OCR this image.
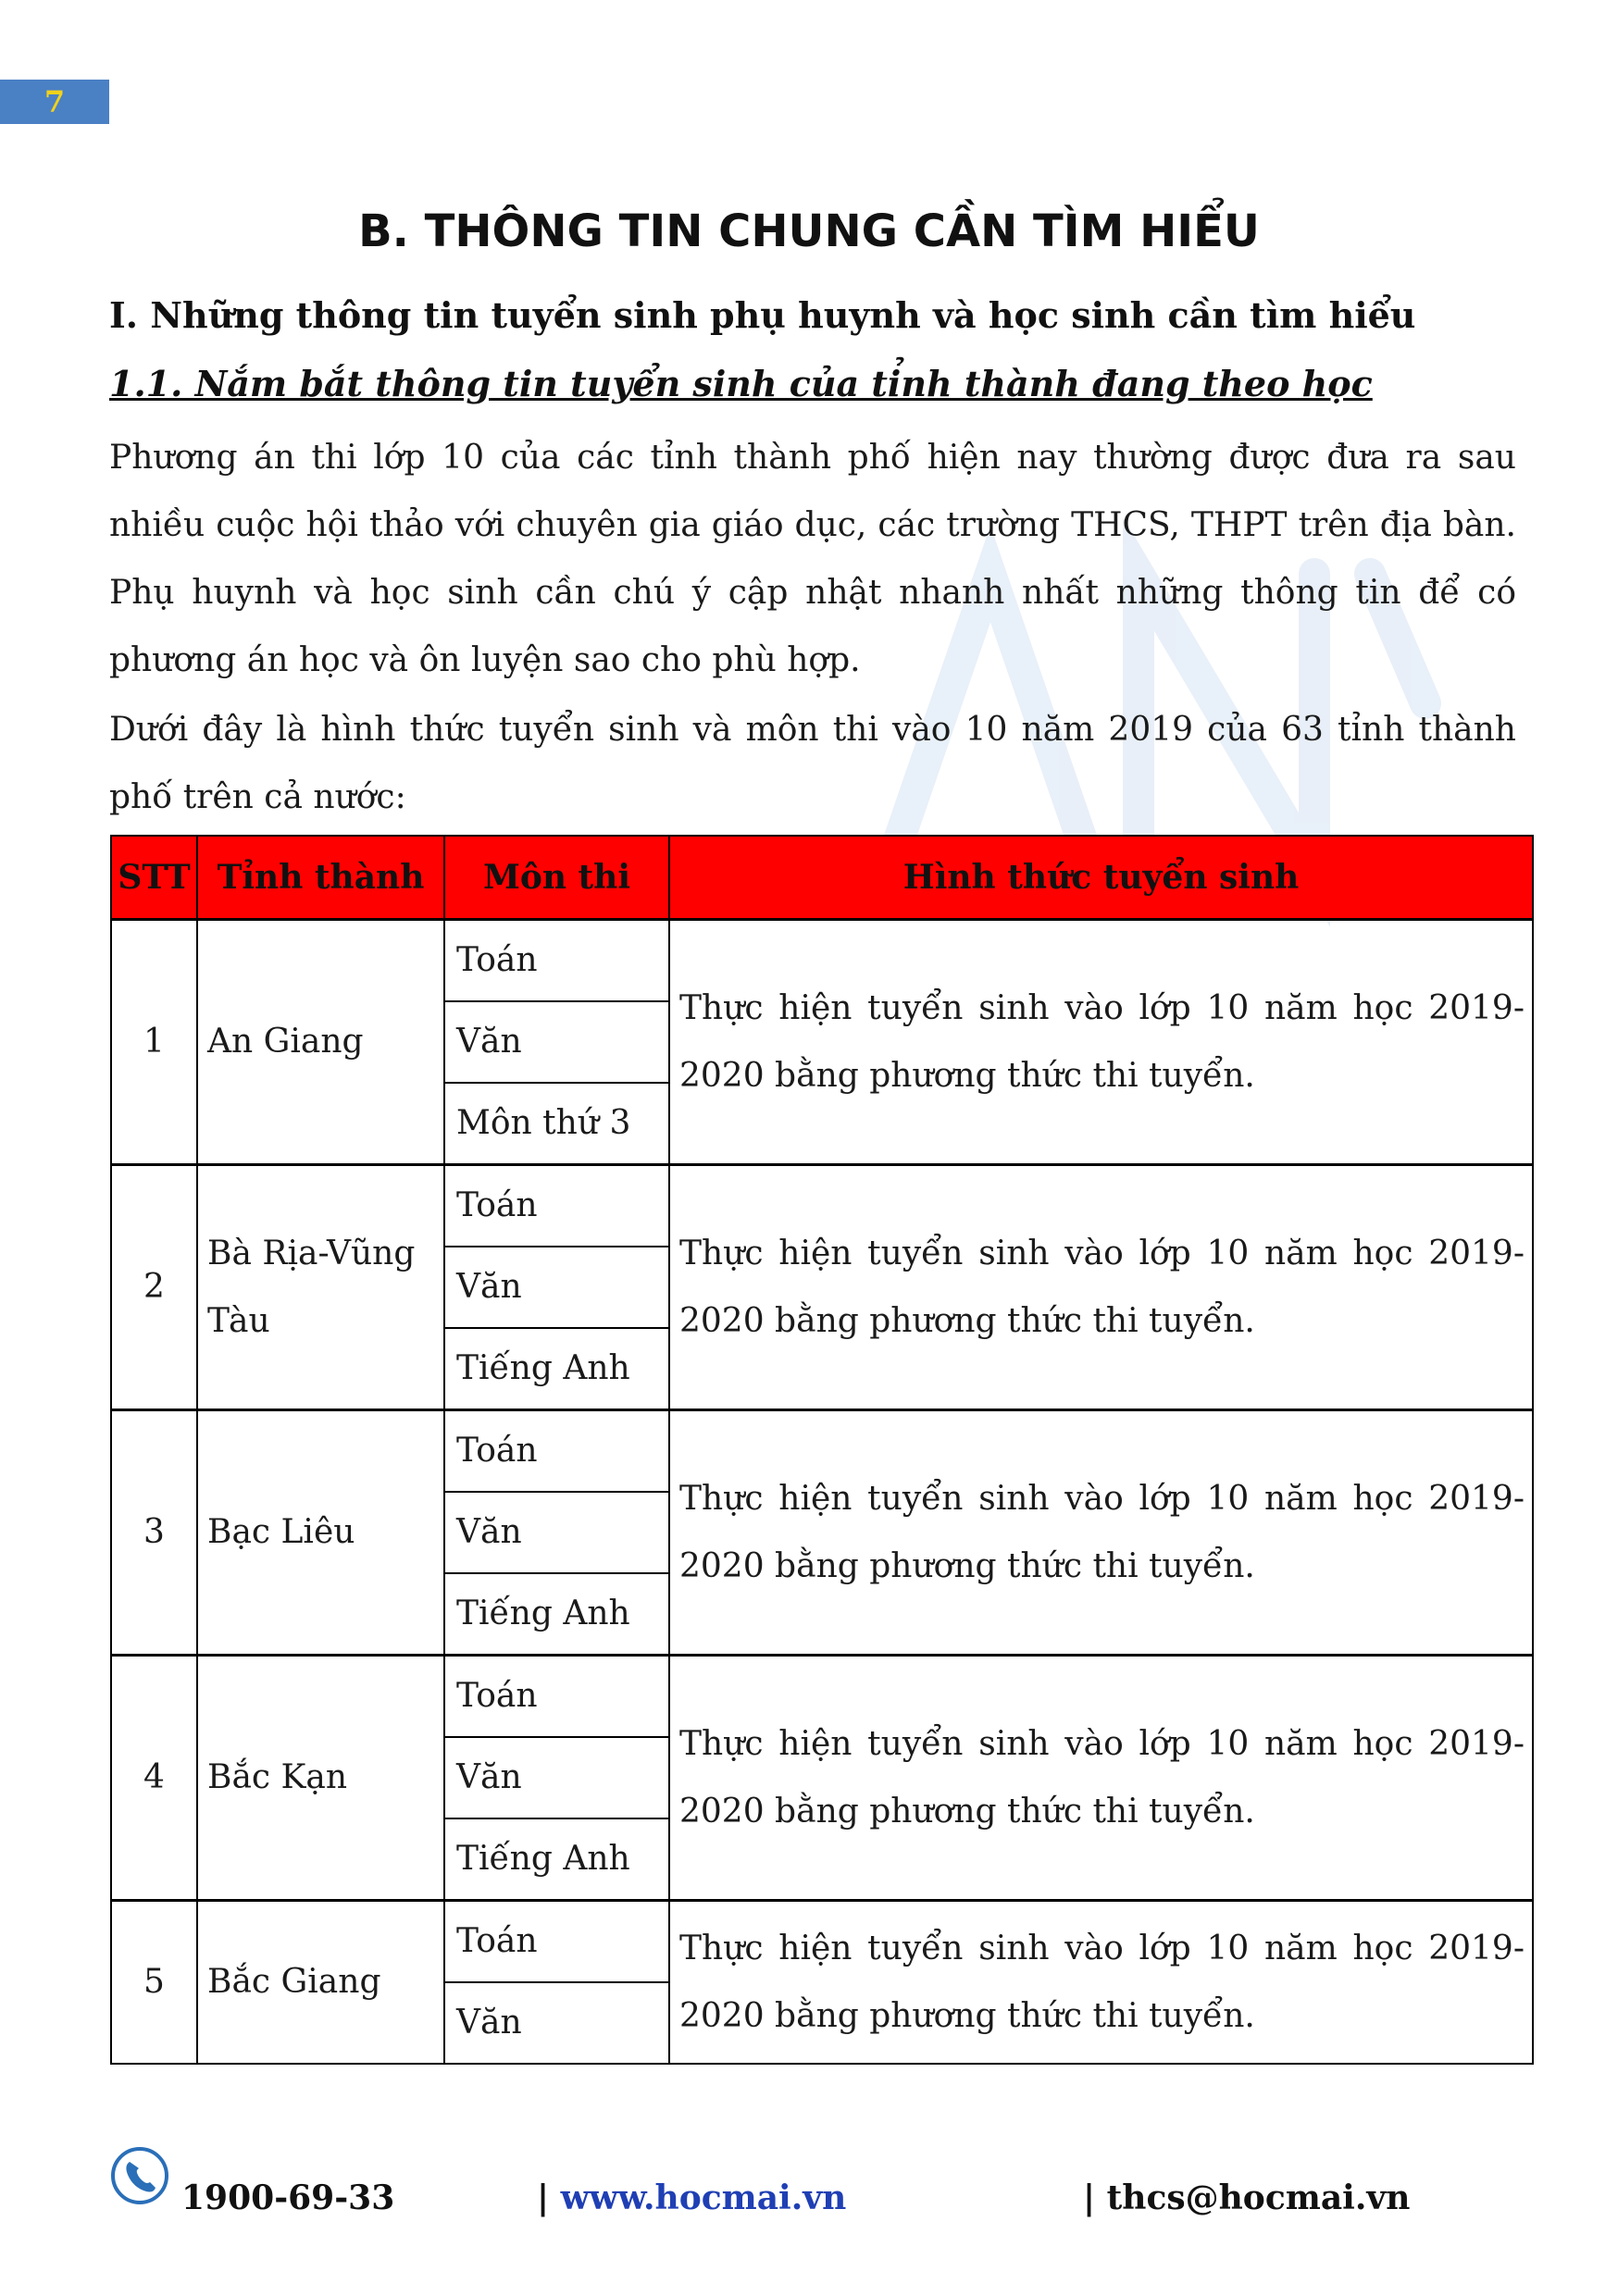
7
B. THÔNG TIN CHUNG CẦN TÌM HIỂU
I. Những thông tin tuyển sinh phụ huynh và học sinh cần tìm hiểu
1.1. Nắm bắt thông tin tuyển sinh của tỉnh thành đang theo học

Phương án thi lớp 10 của các tỉnh thành phố hiện nay thường được đưa ra sau nhiều cuộc hội thảo với chuyên gia giáo dục, các trường THCS, THPT trên địa bàn. Phụ huynh và học sinh cần chú ý cập nhật nhanh nhất những thông tin để có phương án học và ôn luyện sao cho phù hợp.

Dưới đây là hình thức tuyển sinh và môn thi vào 10 năm 2019 của 63 tỉnh thành phố trên cả nước:

STT	Tỉnh thành	Môn thi	Hình thức tuyển sinh
1	An Giang	Toán	Thực hiện tuyển sinh vào lớp 10 năm học 2019-2020 bằng phương thức thi tuyển.
		Văn	
		Môn thứ 3	
2	Bà Rịa-Vũng Tàu	Toán	Thực hiện tuyển sinh vào lớp 10 năm học 2019-2020 bằng phương thức thi tuyển.
		Văn	
		Tiếng Anh	
3	Bạc Liêu	Toán	Thực hiện tuyển sinh vào lớp 10 năm học 2019-2020 bằng phương thức thi tuyển.
		Văn	
		Tiếng Anh	
4	Bắc Kạn	Toán	Thực hiện tuyển sinh vào lớp 10 năm học 2019-2020 bằng phương thức thi tuyển.
		Văn	
		Tiếng Anh	
5	Bắc Giang	Toán	Thực hiện tuyển sinh vào lớp 10 năm học 2019-2020 bằng phương thức thi tuyển.
		Văn	
1900-69-33	| www.hocmai.vn	| thcs@hocmai.vn
